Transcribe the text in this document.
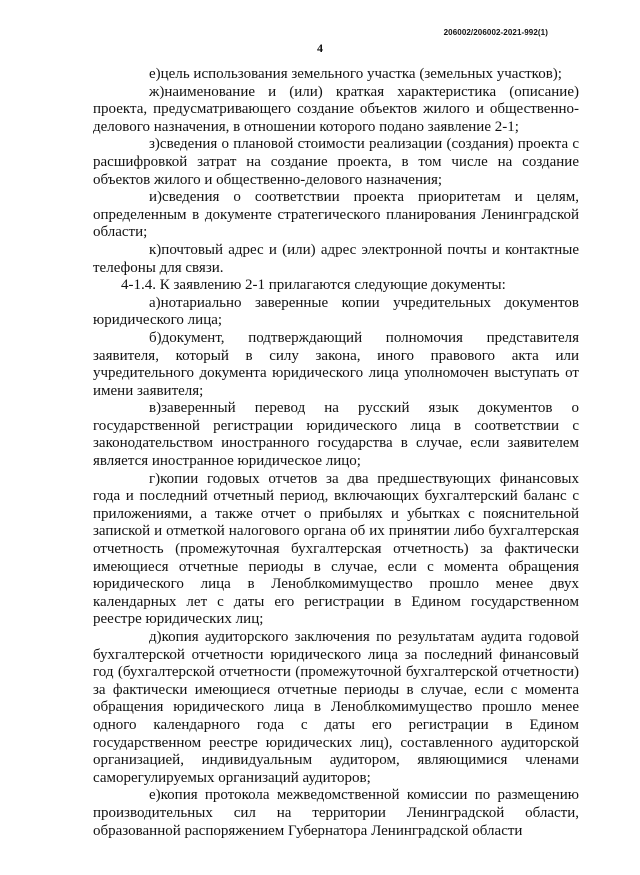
206002/206002-2021-992(1)
4

е)цель использования земельного участка (земельных участков);

ж)наименование и (или) краткая характеристика (описание) проекта, предусматривающего создание объектов жилого и общественно-делового назначения, в отношении которого подано заявление 2-1;

з)сведения о плановой стоимости реализации (создания) проекта с расшифровкой затрат на создание проекта, в том числе на создание объектов жилого и общественно-делового назначения;

и)сведения о соответствии проекта приоритетам и целям, определенным в документе стратегического планирования Ленинградской области;

к)почтовый адрес и (или) адрес электронной почты и контактные телефоны для связи.

4-1.4. К заявлению 2-1 прилагаются следующие документы:

а)нотариально заверенные копии учредительных документов юридического лица;

б)документ, подтверждающий полномочия представителя заявителя, который в силу закона, иного правового акта или учредительного документа юридического лица уполномочен выступать от имени заявителя;

в)заверенный перевод на русский язык документов о государственной регистрации юридического лица в соответствии с законодательством иностранного государства в случае, если заявителем является иностранное юридическое лицо;

г)копии годовых отчетов за два предшествующих финансовых года и последний отчетный период, включающих бухгалтерский баланс с приложениями, а также отчет о прибылях и убытках с пояснительной запиской и отметкой налогового органа об их принятии либо бухгалтерская отчетность (промежуточная бухгалтерская отчетность) за фактически имеющиеся отчетные периоды в случае, если с момента обращения юридического лица в Леноблкомимущество прошло менее двух календарных лет с даты его регистрации в Едином государственном реестре юридических лиц;

д)копия аудиторского заключения по результатам аудита годовой бухгалтерской отчетности юридического лица за последний финансовый год (бухгалтерской отчетности (промежуточной бухгалтерской отчетности) за фактически имеющиеся отчетные периоды в случае, если с момента обращения юридического лица в Леноблкомимущество прошло менее одного календарного года с даты его регистрации в Едином государственном реестре юридических лиц), составленного аудиторской организацией, индивидуальным аудитором, являющимися членами саморегулируемых организаций аудиторов;

е)копия протокола межведомственной комиссии по размещению производительных сил на территории Ленинградской области, образованной распоряжением Губернатора Ленинградской области
